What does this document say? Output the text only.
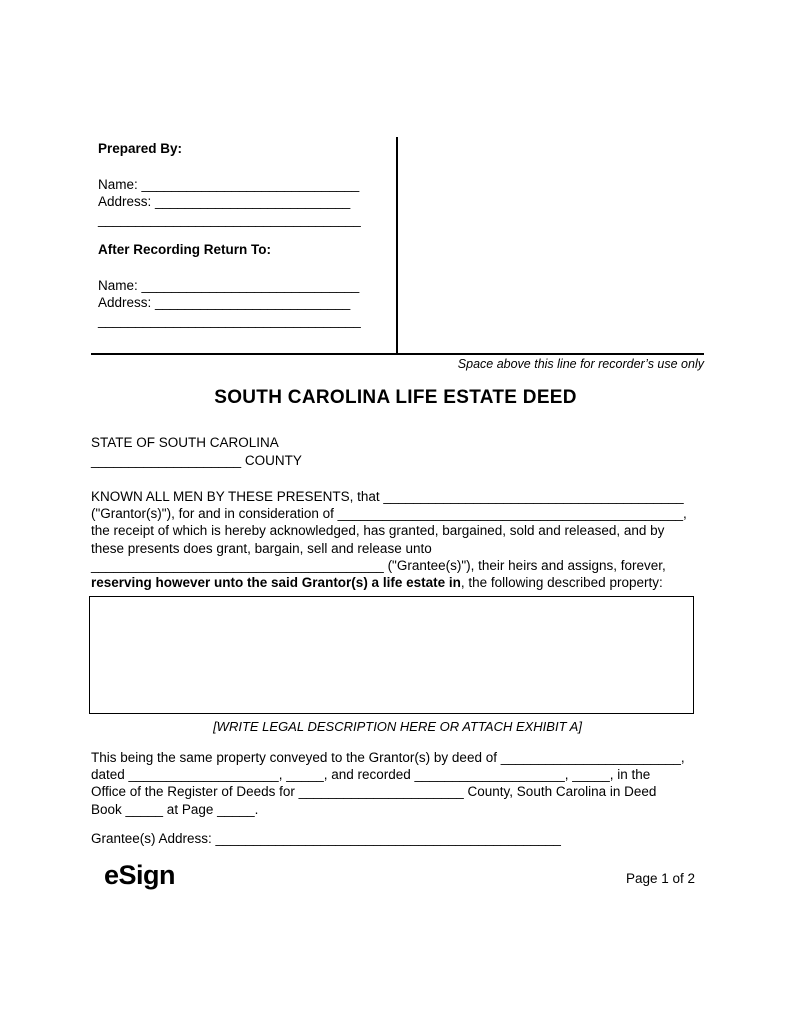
Prepared By:
Name: _____________________________
Address: __________________________
___________________________________
After Recording Return To:
Name: _____________________________
Address: __________________________
___________________________________
Space above this line for recorder’s use only
SOUTH CAROLINA LIFE ESTATE DEED
STATE OF SOUTH CAROLINA
____________________ COUNTY
KNOWN ALL MEN BY THESE PRESENTS, that ________________________________________
("Grantor(s)"), for and in consideration of ______________________________________________,
the receipt of which is hereby acknowledged, has granted, bargained, sold and released, and by
these presents does grant, bargain, sell and release unto
_______________________________________ ("Grantee(s)"), their heirs and assigns, forever,
reserving however unto the said Grantor(s) a life estate in, the following described property:
[WRITE LEGAL DESCRIPTION HERE OR ATTACH EXHIBIT A]
This being the same property conveyed to the Grantor(s) by deed of ________________________,
dated ____________________, _____, and recorded ____________________, _____, in the
Office of the Register of Deeds for ______________________ County, South Carolina in Deed
Book _____ at Page _____.
Grantee(s) Address: ______________________________________________
eSign	Page 1 of 2
